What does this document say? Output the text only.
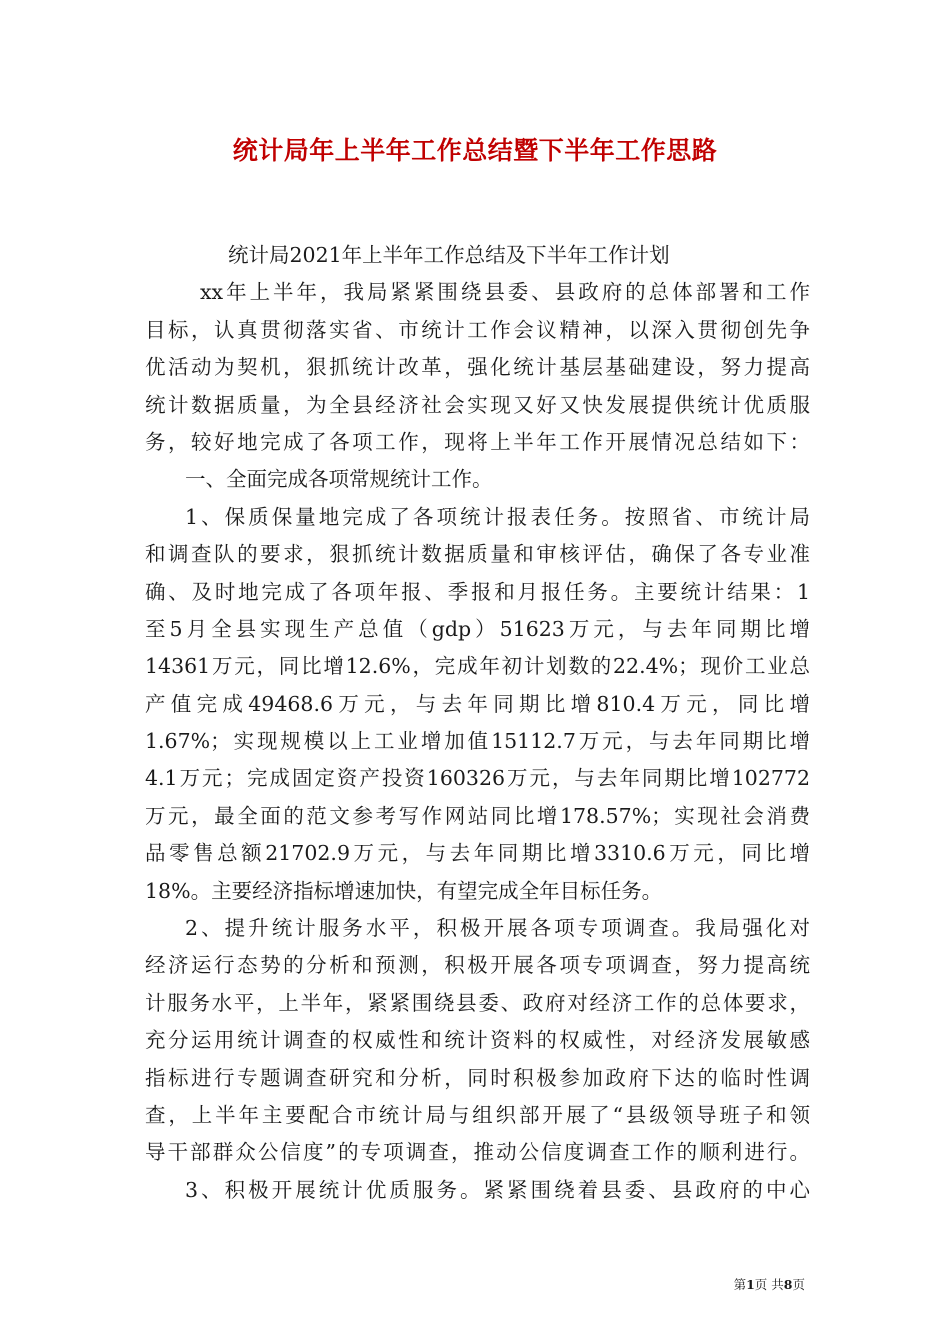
统计局年上半年工作总结暨下半年工作思路

统计局2021年上半年工作总结及下半年工作计划

xx年上半年，我局紧紧围绕县委、县政府的总体部署和工作

目标，认真贯彻落实省、市统计工作会议精神，以深入贯彻创先争

优活动为契机，狠抓统计改革，强化统计基层基础建设，努力提高

统计数据质量，为全县经济社会实现又好又快发展提供统计优质服

务，较好地完成了各项工作，现将上半年工作开展情况总结如下：

一、全面完成各项常规统计工作。

1、保质保量地完成了各项统计报表任务。按照省、市统计局

和调查队的要求，狠抓统计数据质量和审核评估，确保了各专业准

确、及时地完成了各项年报、季报和月报任务。主要统计结果：1

至5月全县实现生产总值（gdp）51623万元，与去年同期比增

14361万元，同比增12.6%，完成年初计划数的22.4%；现价工业总

产值完成49468.6万元，与去年同期比增810.4万元，同比增

1.67%；实现规模以上工业增加值15112.7万元，与去年同期比增

4.1万元；完成固定资产投资160326万元，与去年同期比增102772

万元，最全面的范文参考写作网站同比增178.57%；实现社会消费

品零售总额21702.9万元，与去年同期比增3310.6万元，同比增

18%。主要经济指标增速加快，有望完成全年目标任务。

2、提升统计服务水平，积极开展各项专项调查。我局强化对

经济运行态势的分析和预测，积极开展各项专项调查，努力提高统

计服务水平，上半年，紧紧围绕县委、政府对经济工作的总体要求，

充分运用统计调查的权威性和统计资料的权威性，对经济发展敏感

指标进行专题调查研究和分析，同时积极参加政府下达的临时性调

查，上半年主要配合市统计局与组织部开展了“县级领导班子和领

导干部群众公信度”的专项调查，推动公信度调查工作的顺利进行。

3、积极开展统计优质服务。紧紧围绕着县委、县政府的中心

第1页 共8页
